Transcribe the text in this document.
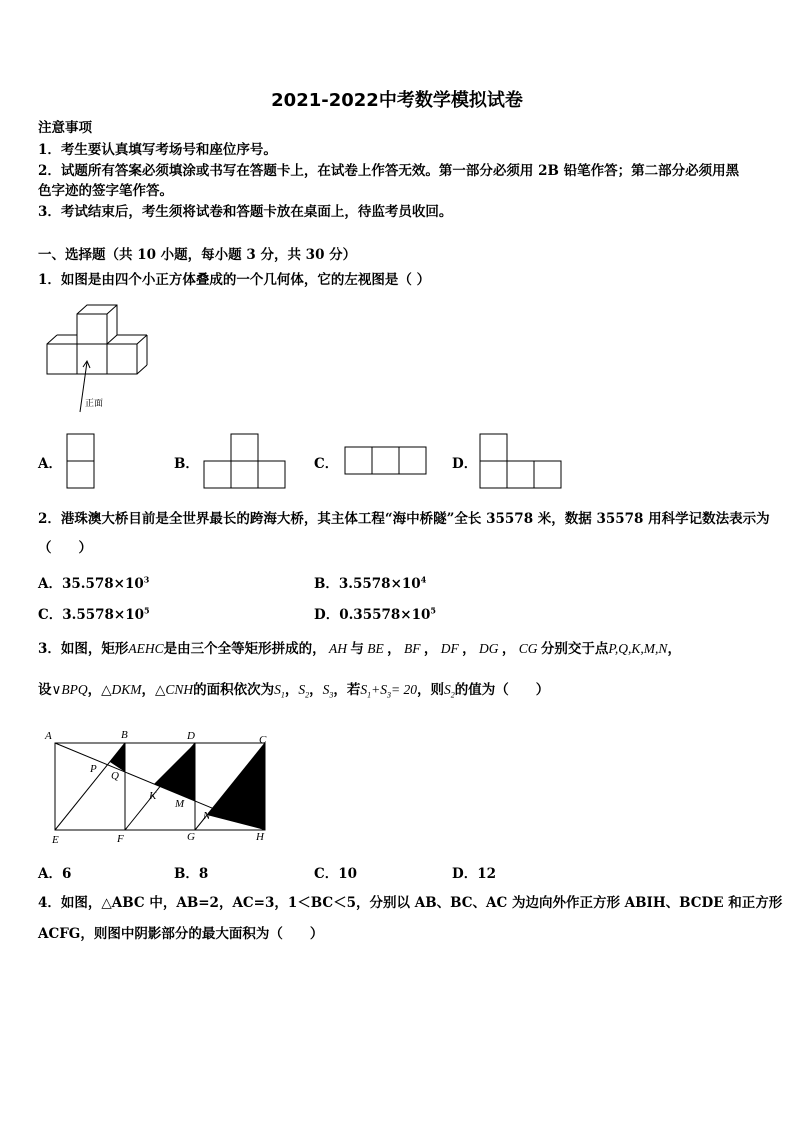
2021-2022中考数学模拟试卷
注意事项
1．考生要认真填写考场号和座位序号。
2．试题所有答案必须填涂或书写在答题卡上，在试卷上作答无效。第一部分必须用 2B 铅笔作答；第二部分必须用黑
色字迹的签字笔作答。
3．考试结束后，考生须将试卷和答题卡放在桌面上，待监考员收回。
一、选择题（共 10 小题，每小题 3 分，共 30 分）
1．如图是由四个小正方体叠成的一个几何体，它的左视图是（ ）
正面
A．	B．	C．	D．
2．港珠澳大桥目前是全世界最长的跨海大桥，其主体工程“海中桥隧”全长 35578 米，数据 35578 用科学记数法表示为
（　　）
A．$35.578\times 10^3$	B．$3.5578\times 10^4$
C．$3.5578\times 10^5$	D．$0.35578\times 10^5$
3．如图，矩形AEHC是由三个全等矩形拼成的， AH 与 BE ， BF ， DF ， DG ， CG 分别交于点P,Q,K,M,N，
设∨BPQ，△DKM，△CNH的面积依次为$S_1$，$S_2$，$S_3$，若$S_1+S_3= 20$，则$S_2$的值为（　　）
A	B	D	C
P
Q
K
M
N
E	F	G	H
A．6	B．8	C．10	D．12
4．如图，△ABC 中，AB=2，AC=3，1＜BC＜5，分别以 AB、BC、AC 为边向外作正方形 ABIH、BCDE 和正方形
ACFG，则图中阴影部分的最大面积为（　　）
